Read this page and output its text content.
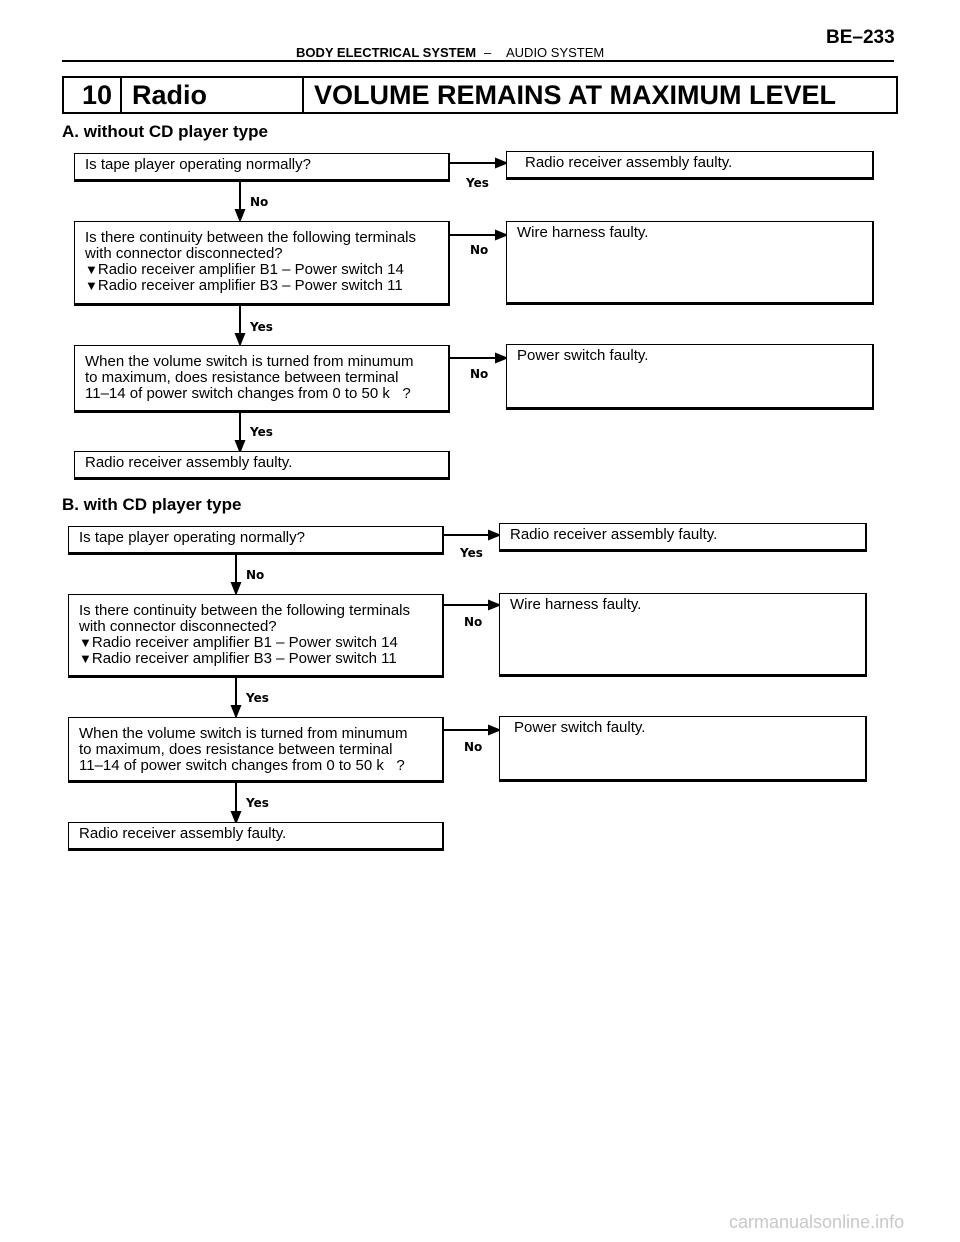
BODY ELECTRICAL SYSTEM – AUDIO SYSTEM
BE–233
10 Radio	VOLUME REMAINS AT MAXIMUM LEVEL
A. without CD player type
Yes
No
No
Yes
No
Yes
Is tape player operating normally?	Radio receiver assembly faulty.
Is there continuity between the following terminals
with connector disconnected?
▼
Radio receiver amplifier B1 – Power switch 14
▼
Radio receiver amplifier B3 – Power switch 11
Wire harness faulty.
When the volume switch is turned from minumum
to maximum, does resistance between terminal
11–14 of power switch changes from 0 to 50 k   ?
Power switch faulty.
Radio receiver assembly faulty.
B. with CD player type
Yes
No
No
Yes
No
Yes
Is tape player operating normally?	Radio receiver assembly faulty.
Is there continuity between the following terminals
with connector disconnected?
▼
Radio receiver amplifier B1 – Power switch 14
▼
Radio receiver amplifier B3 – Power switch 11
Wire harness faulty.
When the volume switch is turned from minumum
to maximum, does resistance between terminal
11–14 of power switch changes from 0 to 50 k   ?
Power switch faulty.
Radio receiver assembly faulty.
carmanualsonline.info
